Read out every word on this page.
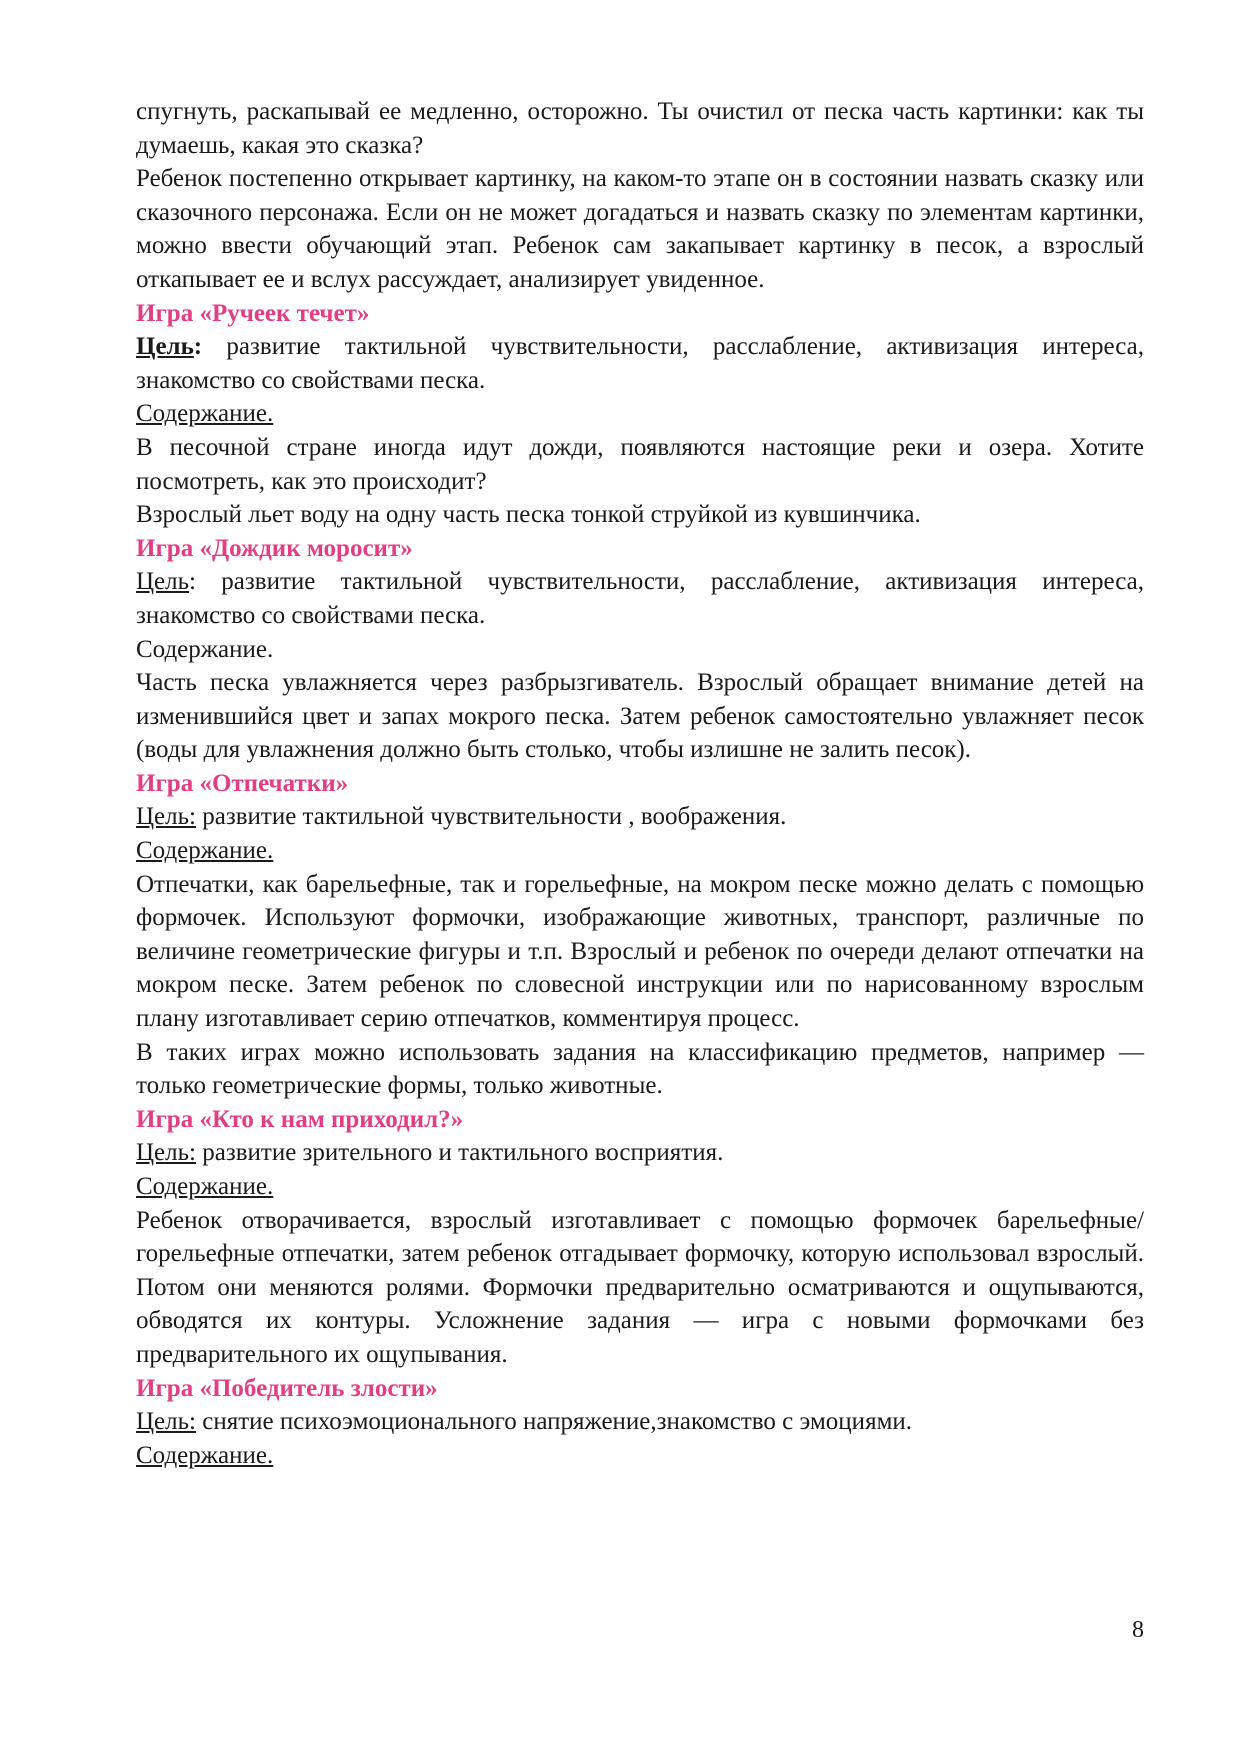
спугнуть, раскапывай ее медленно, осторожно. Ты очистил от песка часть картинки: как ты думаешь, какая это сказка?

Ребенок постепенно открывает картинку, на каком-то этапе он в состоянии назвать сказку или сказочного персонажа. Если он не может догадаться и назвать сказку по элементам картинки, можно ввести обучающий этап. Ребенок сам закапывает картинку в песок, а взрослый откапывает ее и вслух рассуждает, анализирует увиденное.

Игра «Ручеек течет»

Цель: развитие тактильной чувствительности, расслабление, активизация интереса, знакомство со свойствами песка.

Содержание.

В песочной стране иногда идут дожди, появляются настоящие реки и озера. Хотите посмотреть, как это происходит?

Взрослый льет воду на одну часть песка тонкой струйкой из кувшинчика.

Игра «Дождик моросит»

Цель: развитие тактильной чувствительности, расслабление, активизация интереса, знакомство со свойствами песка.

Содержание.

Часть песка увлажняется через разбрызгиватель. Взрослый обращает внимание детей на изменившийся цвет и запах мокрого песка. Затем ребенок самостоятельно увлажняет песок (воды для увлажнения должно быть столько, чтобы излишне не залить песок).

Игра «Отпечатки»

Цель: развитие тактильной чувствительности , воображения.

Содержание.

Отпечатки, как барельефные, так и горельефные, на мокром песке можно делать с помощью формочек. Используют формочки, изображающие животных, транспорт, различные по величине геометрические фигуры и т.п. Взрослый и ребенок по очереди делают отпечатки на мокром песке. Затем ребенок по словесной инструкции или по нарисованному взрослым плану изготавливает серию отпечатков, комментируя процесс.

В таких играх можно использовать задания на классификацию предметов, например — только геометрические формы, только животные.

Игра «Кто к нам приходил?»

Цель: развитие зрительного и тактильного восприятия.

Содержание.

Ребенок отворачивается, взрослый изготавливает с помощью формочек барельефные/горельефные отпечатки, затем ребенок отгадывает формочку, которую использовал взрослый. Потом они меняются ролями. Формочки предварительно осматриваются и ощупываются, обводятся их контуры. Усложнение задания — игра с новыми формочками без предварительного их ощупывания.

Игра «Победитель злости»

Цель: снятие психоэмоционального напряжение,знакомство с эмоциями.

Содержание.

8
